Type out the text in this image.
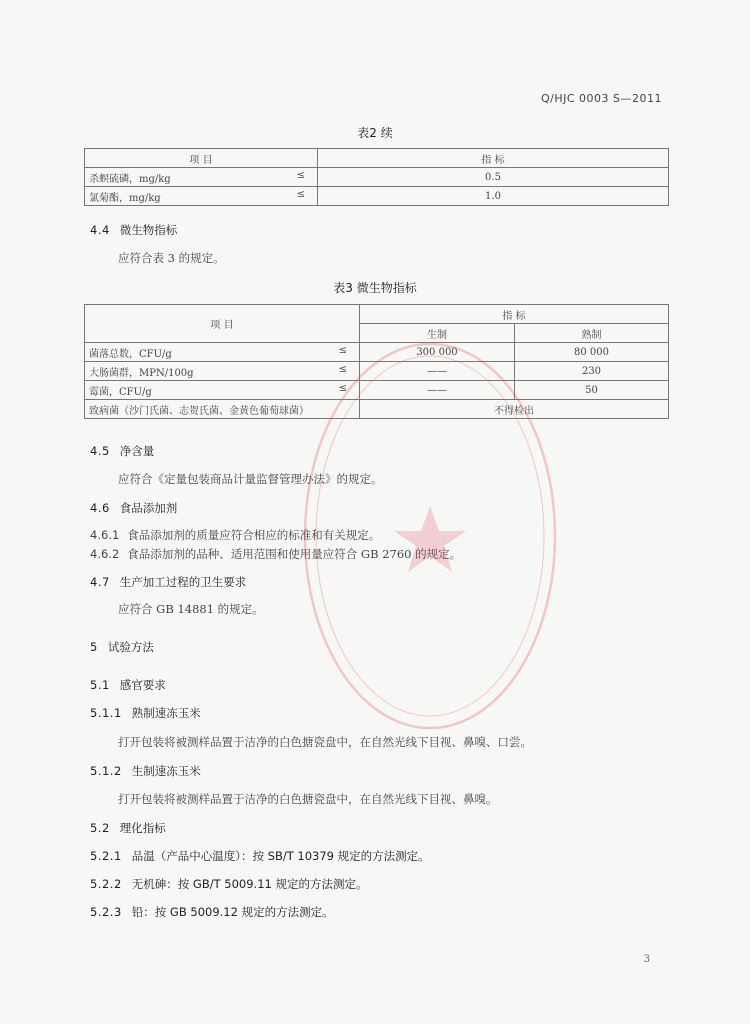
Q/HJC 0003 S—2011
表2 续
项 目	指 标
杀螟硫磷，mg/kg ≤	0.5
氯菊酯，mg/kg ≤	1.0
4.4 微生物指标
应符合表 3 的规定。
表3 微生物指标
项 目	指 标	
	生制	熟制
菌落总数，CFU/g ≤	300 000	80 000
大肠菌群，MPN/100g ≤	——	230
霉菌，CFU/g ≤	——	50
致病菌（沙门氏菌、志贺氏菌、金黄色葡萄球菌）	不得检出	
4.5 净含量
应符合《定量包装商品计量监督管理办法》的规定。
4.6 食品添加剂
4.6.1 食品添加剂的质量应符合相应的标准和有关规定。
4.6.2 食品添加剂的品种、适用范围和使用量应符合 GB 2760 的规定。
4.7 生产加工过程的卫生要求
应符合 GB 14881 的规定。
5 试验方法
5.1 感官要求
5.1.1 熟制速冻玉米
打开包装将被测样品置于洁净的白色搪瓷盘中，在自然光线下目视、鼻嗅、口尝。
5.1.2 生制速冻玉米
打开包装将被测样品置于洁净的白色搪瓷盘中，在自然光线下目视、鼻嗅。
5.2 理化指标
5.2.1 品温（产品中心温度）：按 SB/T 10379 规定的方法测定。
5.2.2 无机砷：按 GB/T 5009.11 规定的方法测定。
5.2.3 铅：按 GB 5009.12 规定的方法测定。
3
